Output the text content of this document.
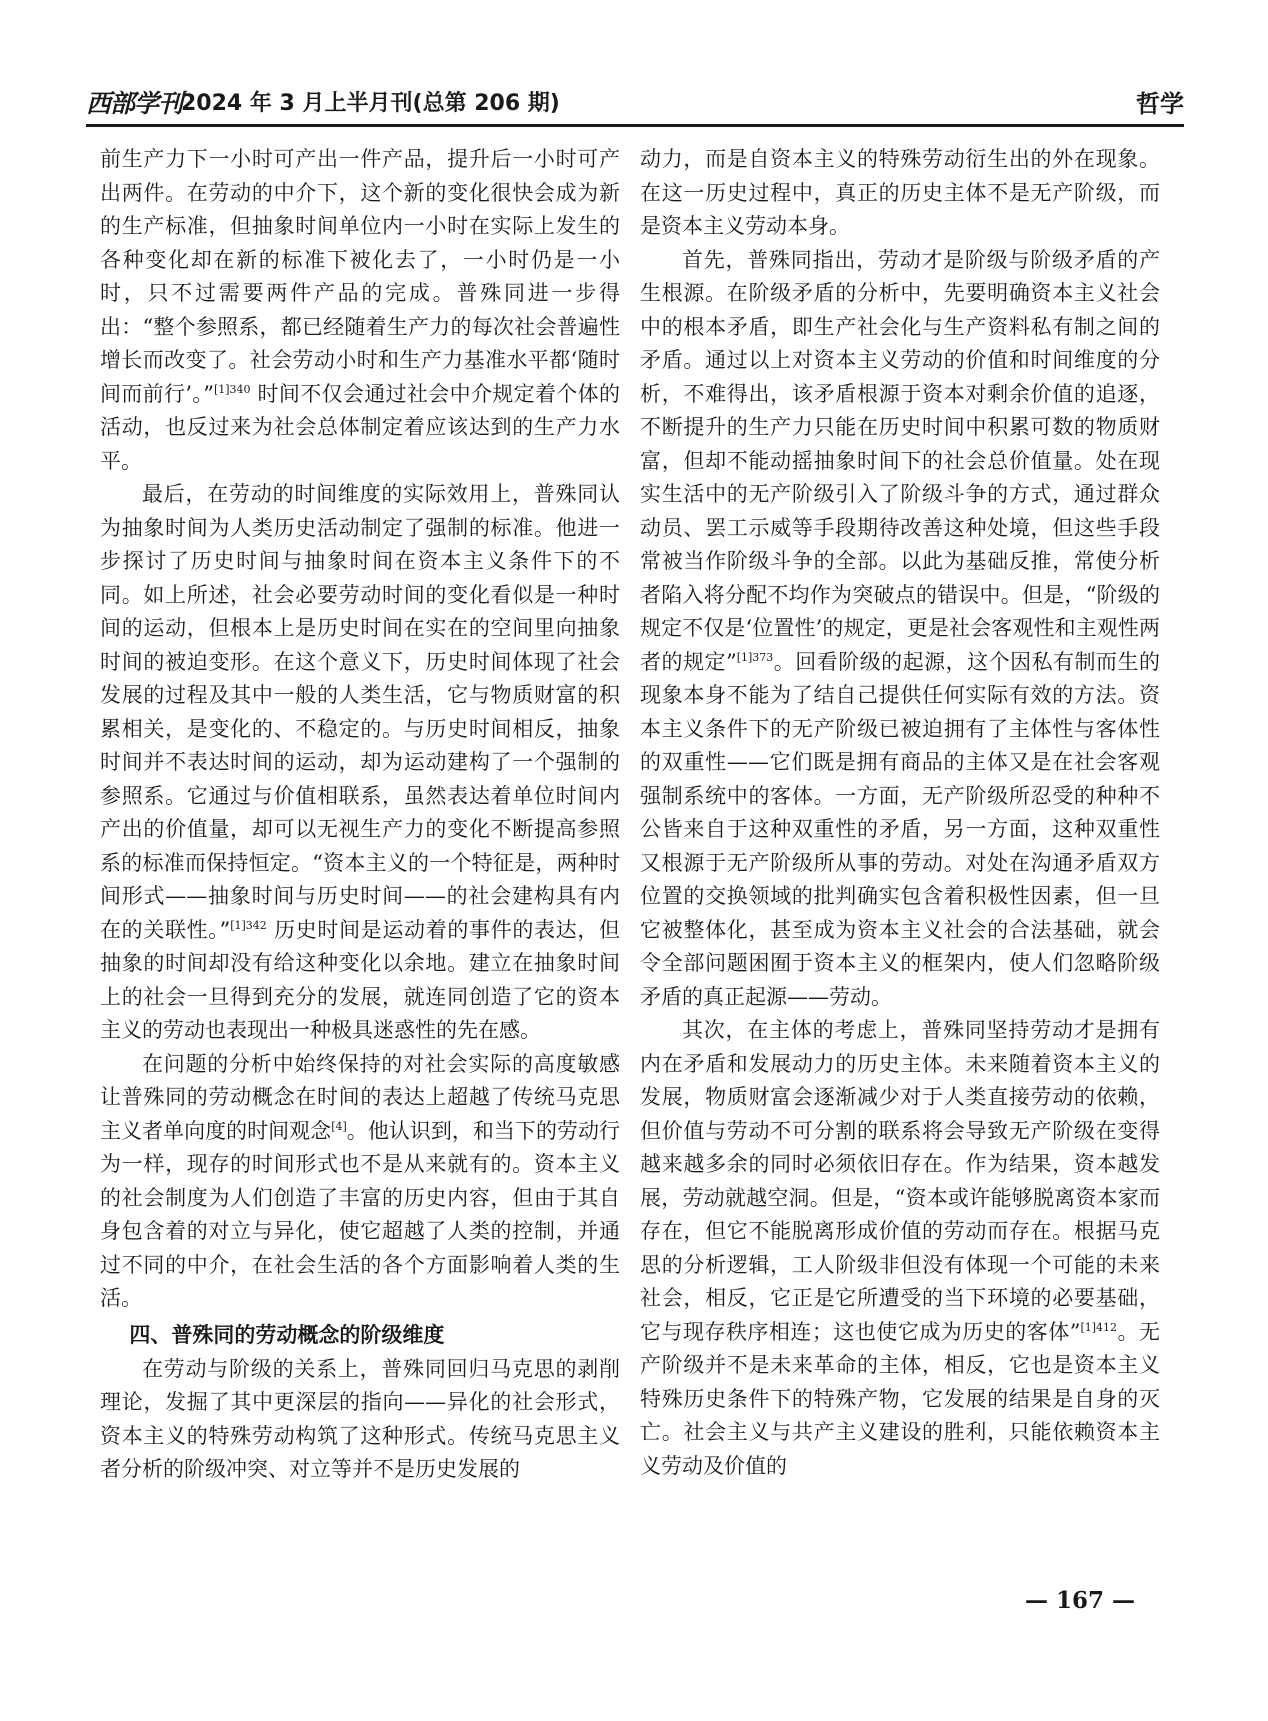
西部学刊
2024 年 3 月上半月刊(总第 206 期)	哲学

前生产力下一小时可产出一件产品，提升后一小时可产出两件。在劳动的中介下，这个新的变化很快会成为新的生产标准，但抽象时间单位内一小时在实际上发生的各种变化却在新的标准下被化去了，一小时仍是一小时，只不过需要两件产品的完成。普殊同进一步得出：“整个参照系，都已经随着生产力的每次社会普遍性增长而改变了。社会劳动小时和生产力基准水平都‘随时间而前行’。”$^{[1]340}$ 时间不仅会通过社会中介规定着个体的活动，也反过来为社会总体制定着应该达到的生产力水平。

最后，在劳动的时间维度的实际效用上，普殊同认为抽象时间为人类历史活动制定了强制的标准。他进一步探讨了历史时间与抽象时间在资本主义条件下的不同。如上所述，社会必要劳动时间的变化看似是一种时间的运动，但根本上是历史时间在实在的空间里向抽象时间的被迫变形。在这个意义下，历史时间体现了社会发展的过程及其中一般的人类生活，它与物质财富的积累相关，是变化的、不稳定的。与历史时间相反，抽象时间并不表达时间的运动，却为运动建构了一个强制的参照系。它通过与价值相联系，虽然表达着单位时间内产出的价值量，却可以无视生产力的变化不断提高参照系的标准而保持恒定。“资本主义的一个特征是，两种时间形式——抽象时间与历史时间——的社会建构具有内在的关联性。”$^{[1]342}$ 历史时间是运动着的事件的表达，但抽象的时间却没有给这种变化以余地。建立在抽象时间上的社会一旦得到充分的发展，就连同创造了它的资本主义的劳动也表现出一种极具迷惑性的先在感。

在问题的分析中始终保持的对社会实际的高度敏感让普殊同的劳动概念在时间的表达上超越了传统马克思主义者单向度的时间观念[4]。他认识到，和当下的劳动行为一样，现存的时间形式也不是从来就有的。资本主义的社会制度为人们创造了丰富的历史内容，但由于其自身包含着的对立与异化，使它超越了人类的控制，并通过不同的中介，在社会生活的各个方面影响着人类的生活。

四、普殊同的劳动概念的阶级维度

在劳动与阶级的关系上，普殊同回归马克思的剥削理论，发掘了其中更深层的指向——异化的社会形式，资本主义的特殊劳动构筑了这种形式。传统马克思主义者分析的阶级冲突、对立等并不是历史发展的

动力，而是自资本主义的特殊劳动衍生出的外在现象。在这一历史过程中，真正的历史主体不是无产阶级，而是资本主义劳动本身。

首先，普殊同指出，劳动才是阶级与阶级矛盾的产生根源。在阶级矛盾的分析中，先要明确资本主义社会中的根本矛盾，即生产社会化与生产资料私有制之间的矛盾。通过以上对资本主义劳动的价值和时间维度的分析，不难得出，该矛盾根源于资本对剩余价值的追逐，不断提升的生产力只能在历史时间中积累可数的物质财富，但却不能动摇抽象时间下的社会总价值量。处在现实生活中的无产阶级引入了阶级斗争的方式，通过群众动员、罢工示威等手段期待改善这种处境，但这些手段常被当作阶级斗争的全部。以此为基础反推，常使分析者陷入将分配不均作为突破点的错误中。但是，“阶级的规定不仅是‘位置性’的规定，更是社会客观性和主观性两者的规定”$^{[1]373}$。回看阶级的起源，这个因私有制而生的现象本身不能为了结自己提供任何实际有效的方法。资本主义条件下的无产阶级已被迫拥有了主体性与客体性的双重性——它们既是拥有商品的主体又是在社会客观强制系统中的客体。一方面，无产阶级所忍受的种种不公皆来自于这种双重性的矛盾，另一方面，这种双重性又根源于无产阶级所从事的劳动。对处在沟通矛盾双方位置的交换领域的批判确实包含着积极性因素，但一旦它被整体化，甚至成为资本主义社会的合法基础，就会令全部问题困囿于资本主义的框架内，使人们忽略阶级矛盾的真正起源——劳动。

其次，在主体的考虑上，普殊同坚持劳动才是拥有内在矛盾和发展动力的历史主体。未来随着资本主义的发展，物质财富会逐渐减少对于人类直接劳动的依赖，但价值与劳动不可分割的联系将会导致无产阶级在变得越来越多余的同时必须依旧存在。作为结果，资本越发展，劳动就越空洞。但是，“资本或许能够脱离资本家而存在，但它不能脱离形成价值的劳动而存在。根据马克思的分析逻辑，工人阶级非但没有体现一个可能的未来社会，相反，它正是它所遭受的当下环境的必要基础，它与现存秩序相连；这也使它成为历史的客体”$^{[1]412}$。无产阶级并不是未来革命的主体，相反，它也是资本主义特殊历史条件下的特殊产物，它发展的结果是自身的灭亡。社会主义与共产主义建设的胜利，只能依赖资本主义劳动及价值的

— 167 —
